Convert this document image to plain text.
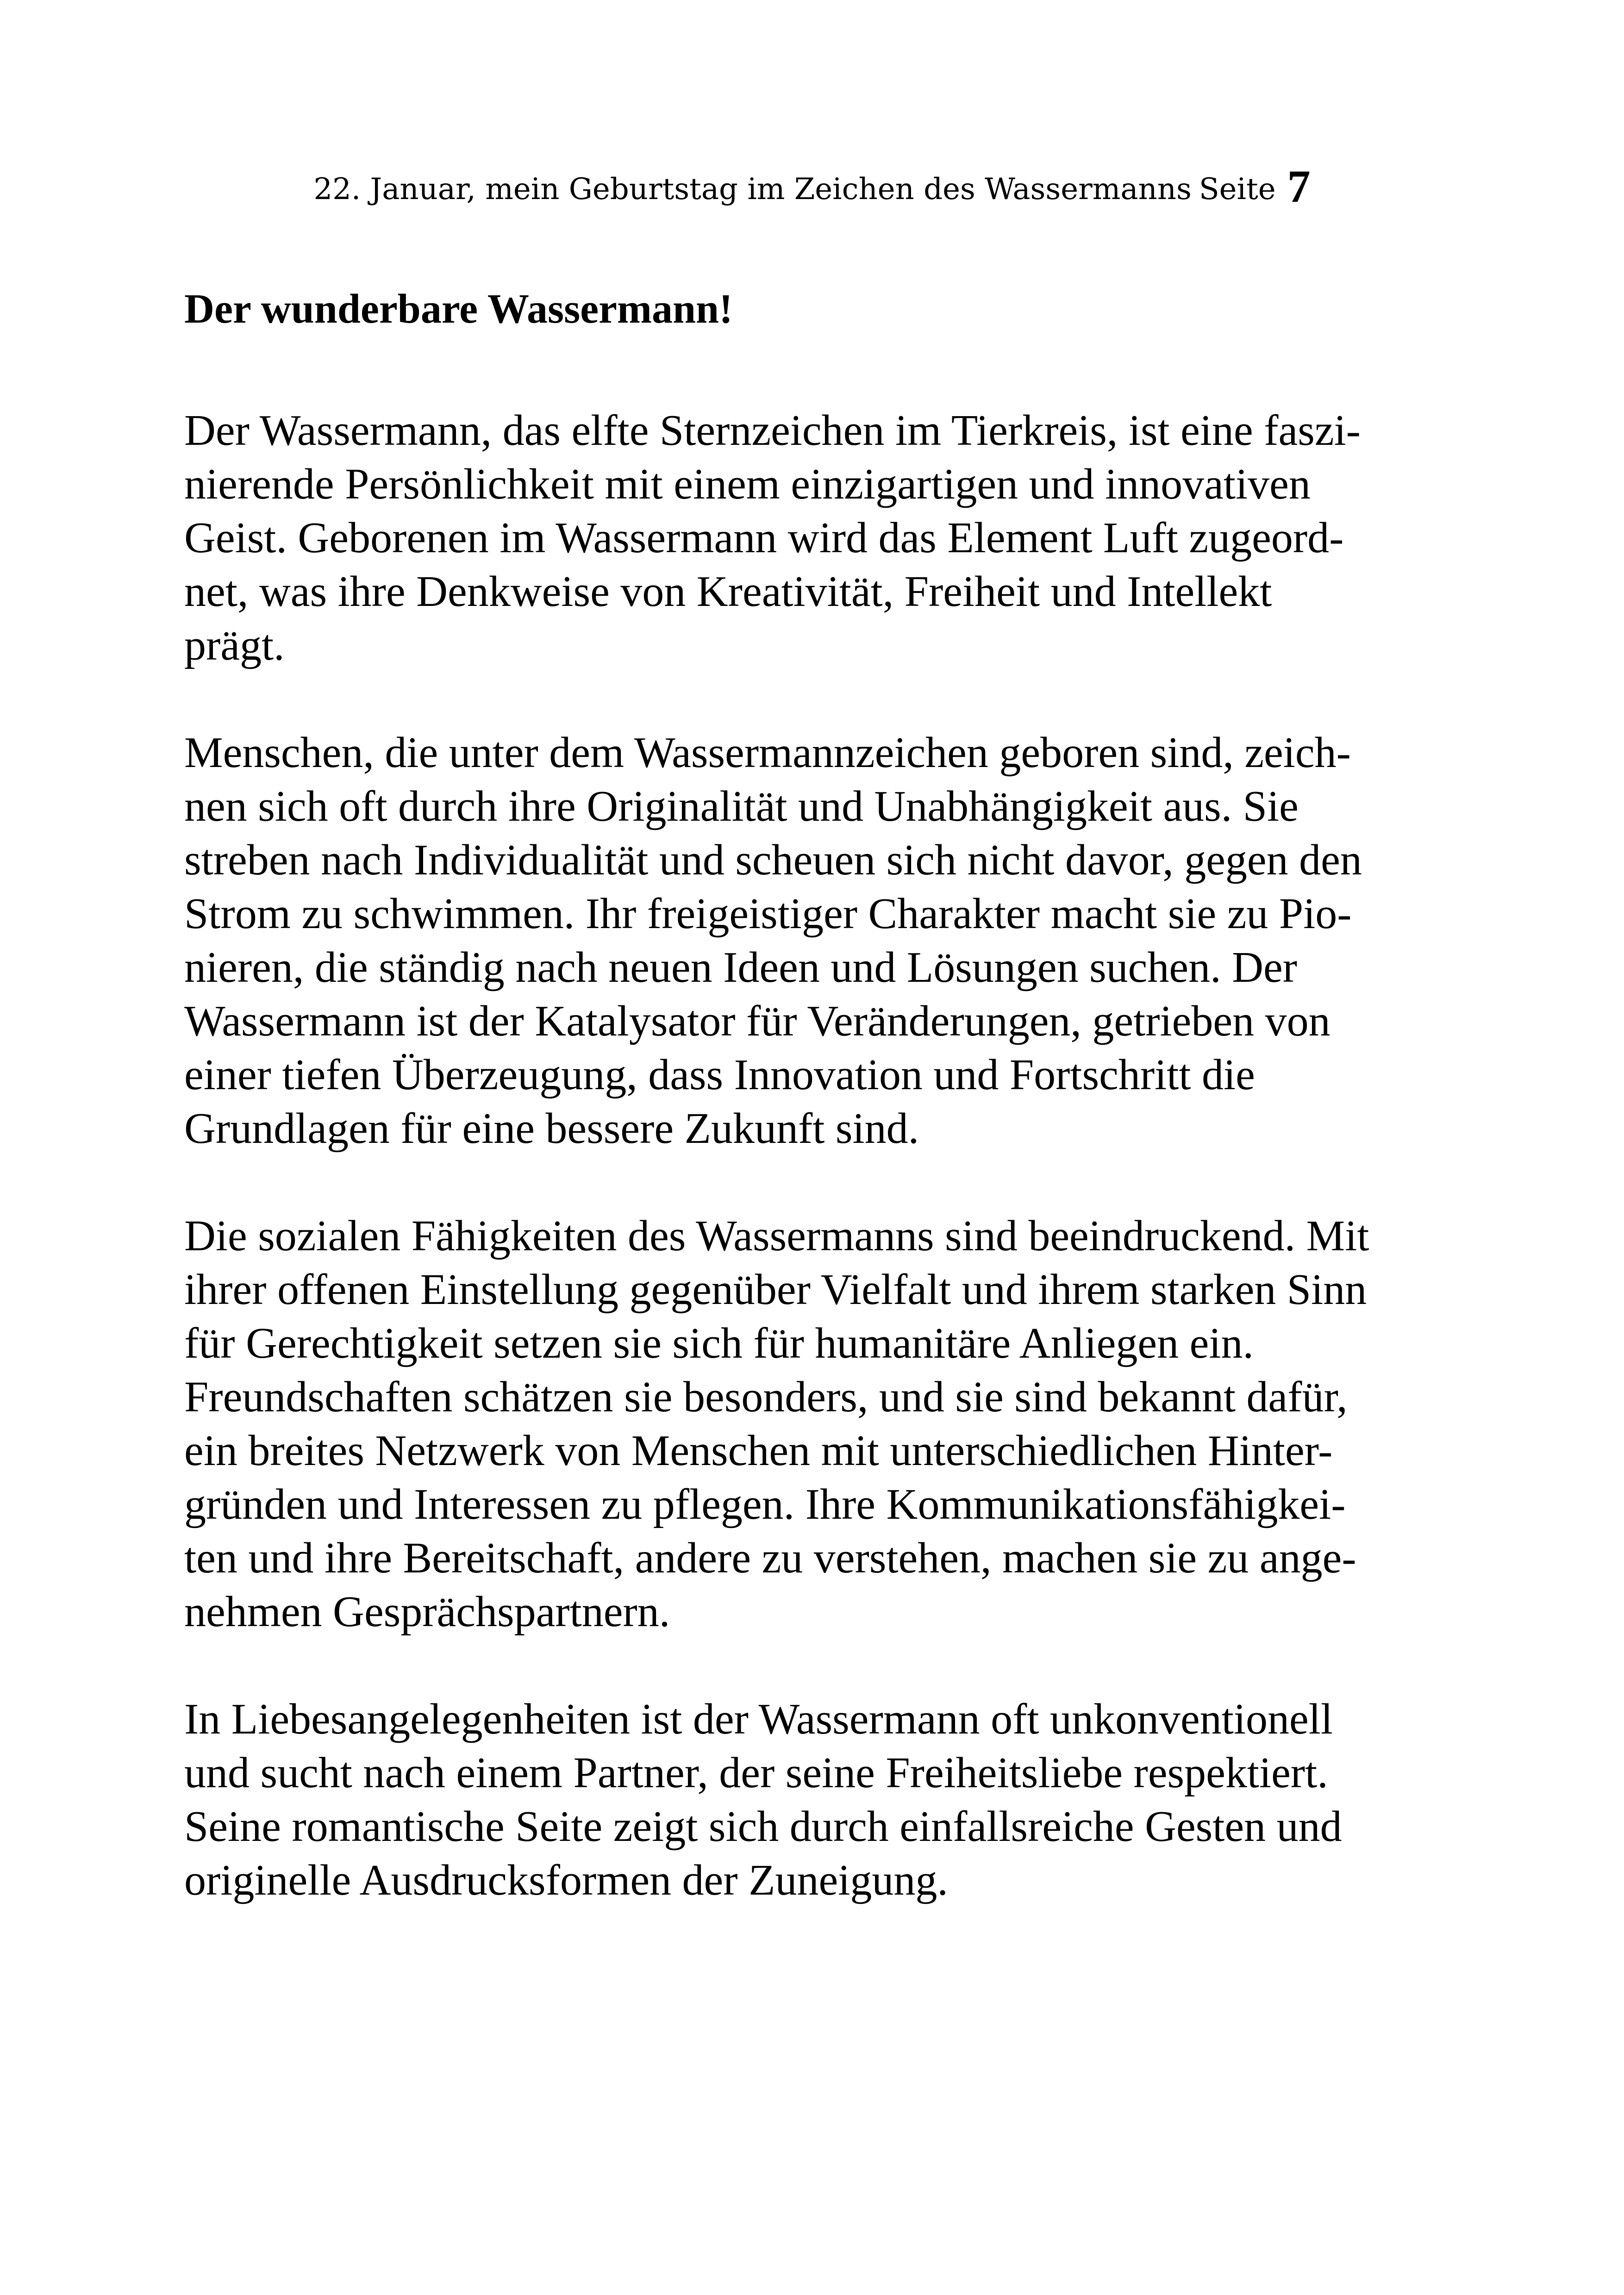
22. Januar, mein Geburtstag im Zeichen des Wassermanns Seite 7
Der wunderbare Wassermann!
Der Wassermann, das elfte Sternzeichen im Tierkreis, ist eine faszi-
nierende Persönlichkeit mit einem einzigartigen und innovativen
Geist. Geborenen im Wassermann wird das Element Luft zugeord-
net, was ihre Denkweise von Kreativität, Freiheit und Intellekt
prägt.
Menschen, die unter dem Wassermannzeichen geboren sind, zeich-
nen sich oft durch ihre Originalität und Unabhängigkeit aus. Sie
streben nach Individualität und scheuen sich nicht davor, gegen den
Strom zu schwimmen. Ihr freigeistiger Charakter macht sie zu Pio-
nieren, die ständig nach neuen Ideen und Lösungen suchen. Der
Wassermann ist der Katalysator für Veränderungen, getrieben von
einer tiefen Überzeugung, dass Innovation und Fortschritt die
Grundlagen für eine bessere Zukunft sind.
Die sozialen Fähigkeiten des Wassermanns sind beeindruckend. Mit
ihrer offenen Einstellung gegenüber Vielfalt und ihrem starken Sinn
für Gerechtigkeit setzen sie sich für humanitäre Anliegen ein.
Freundschaften schätzen sie besonders, und sie sind bekannt dafür,
ein breites Netzwerk von Menschen mit unterschiedlichen Hinter-
gründen und Interessen zu pflegen. Ihre Kommunikationsfähigkei-
ten und ihre Bereitschaft, andere zu verstehen, machen sie zu ange-
nehmen Gesprächspartnern.
In Liebesangelegenheiten ist der Wassermann oft unkonventionell
und sucht nach einem Partner, der seine Freiheitsliebe respektiert.
Seine romantische Seite zeigt sich durch einfallsreiche Gesten und
originelle Ausdrucksformen der Zuneigung.
